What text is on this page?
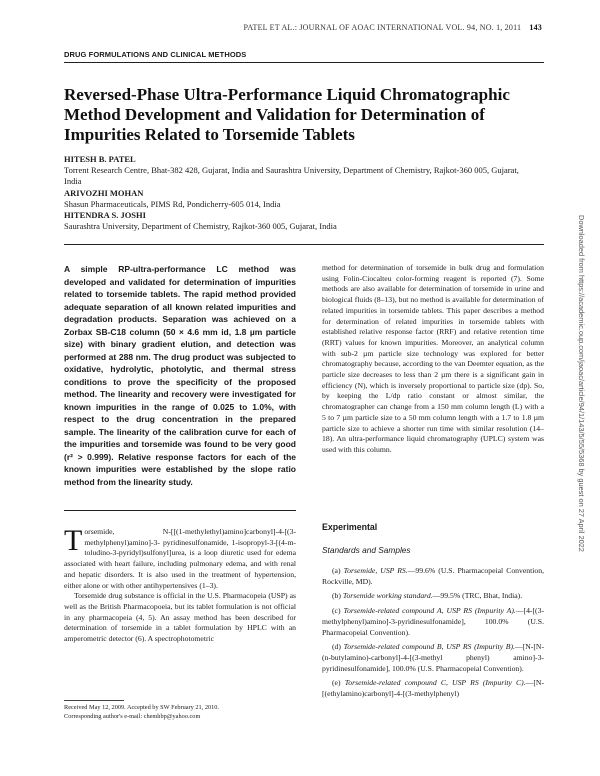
PATEL ET AL.: JOURNAL OF AOAC INTERNATIONAL VOL. 94, NO. 1, 2011 143
DRUG FORMULATIONS AND CLINICAL METHODS
Reversed-Phase Ultra-Performance Liquid Chromatographic Method Development and Validation for Determination of Impurities Related to Torsemide Tablets
HITESH B. PATEL
Torrent Research Centre, Bhat-382 428, Gujarat, India and Saurashtra University, Department of Chemistry, Rajkot-360 005, Gujarat, India
ARIVOZHI MOHAN
Shasun Pharmaceuticals, PIMS Rd, Pondicherry-605 014, India
HITENDRA S. JOSHI
Saurashtra University, Department of Chemistry, Rajkot-360 005, Gujarat, India	Downloaded from https://academic.oup.com/jaoac/article/94/1/143/5/55/5368 by guest on 27 April 2022
A simple RP-ultra-performance LC method was developed and validated for determination of impurities related to torsemide tablets. The rapid method provided adequate separation of all known related impurities and degradation products. Separation was achieved on a Zorbax SB-C18 column (50 × 4.6 mm id, 1.8 µm particle size) with binary gradient elution, and detection was performed at 288 nm. The drug product was subjected to oxidative, hydrolytic, photolytic, and thermal stress conditions to prove the specificity of the proposed method. The linearity and recovery were investigated for known impurities in the range of 0.025 to 1.0%, with respect to the drug concentration in the prepared sample. The linearity of the calibration curve for each of the impurities and torsemide was found to be very good (r² > 0.999). Relative response factors for each of the known impurities were established by the slope ratio method from the linearity study.

Torsemide, N-[[(1-methylethyl)amino]carbonyl]-4-[(3-methylphenyl)amino]-3- pyridinesulfonamide, 1-isopropyl-3-[(4-m-toludino-3-pyridyl)sulfonyl]urea, is a loop diuretic used for edema associated with heart failure, including pulmonary edema, and with renal and hepatic disorders. It is also used in the treatment of hypertension, either alone or with other antihypertensives (1–3).

Torsemide drug substance is official in the U.S. Pharmacopeia (USP) as well as the British Pharmacopoeia, but its tablet formulation is not official in any pharmacopeia (4, 5). An assay method has been described for determination of torsemide in a tablet formulation by HPLC with an amperometric detector (6). A spectrophotometric

Received May 12, 2009. Accepted by SW February 21, 2010.
Corresponding author's e-mail: chemhbp@yahoo.com

method for determination of torsemide in bulk drug and formulation using Folin-Ciocalteu color-forming reagent is reported (7). Some methods are also available for determination of torsemide in urine and biological fluids (8–13), but no method is available for determination of related impurities in torsemide tablets. This paper describes a method for determination of related impurities in torsemide tablets with established relative response factor (RRF) and relative retention time (RRT) values for known impurities. Moreover, an analytical column with sub-2 µm particle size technology was explored for better chromatography because, according to the van Deemter equation, as the particle size decreases to less than 2 µm there is a significant gain in efficiency (N), which is inversely proportional to particle size (dp). So, by keeping the L/dp ratio constant or almost similar, the chromatographer can change from a 150 mm column length (L) with a 5 to 7 µm particle size to a 50 mm column length with a 1.7 to 1.8 µm particle size to achieve a shorter run time with similar resolution (14–18). An ultra-performance liquid chromatography (UPLC) system was used with this column.

Experimental
Standards and Samples

(a) Torsemide, USP RS.—99.6% (U.S. Pharmacopeial Convention, Rockville, MD).

(b) Torsemide working standard.—99.5% (TRC, Bhat, India).

(c) Torsemide-related compound A, USP RS (Impurity A).—[4-[(3-methylphenyl)amino]-3-pyridinesulfonamide], 100.0% (U.S. Pharmacopeial Convention).

(d) Torsemide-related compound B, USP RS (Impurity B).—[N-[N-(n-butylamino)-carbonyl]-4-[(3-methyl phenyl) amino]-3-pyridinesulfonamide], 100.0% (U.S. Pharmacopeial Convention).

(e) Torsemide-related compound C, USP RS (Impurity C).—[N-[(ethylamino)carbonyl]-4-[(3-methylphenyl)
